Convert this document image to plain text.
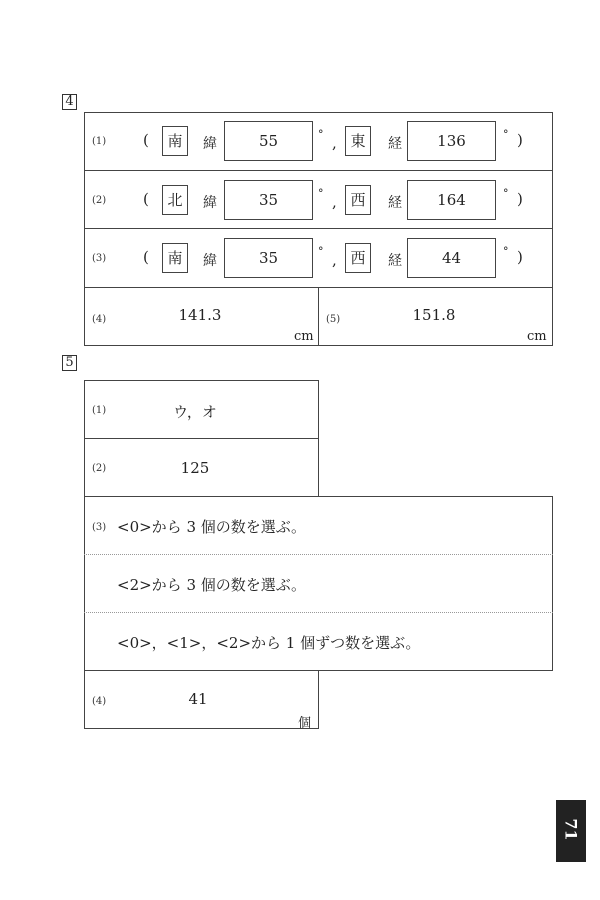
4
(1) (	南	緯	55	° , 東	経	136	° )
(2) (	北	緯	35	° , 西	経	164	° )
(3) (	南	緯	35	° , 西	経	44	° )
(4)	141.3
cm
(5)	151.8
cm
5
(1)	ウ，オ
(2)	125
(3) <0>から 3 個の数を選ぶ。
<2>から 3 個の数を選ぶ。
<0>，<1>，<2>から 1 個ずつ数を選ぶ。
(4)	41
個
71
